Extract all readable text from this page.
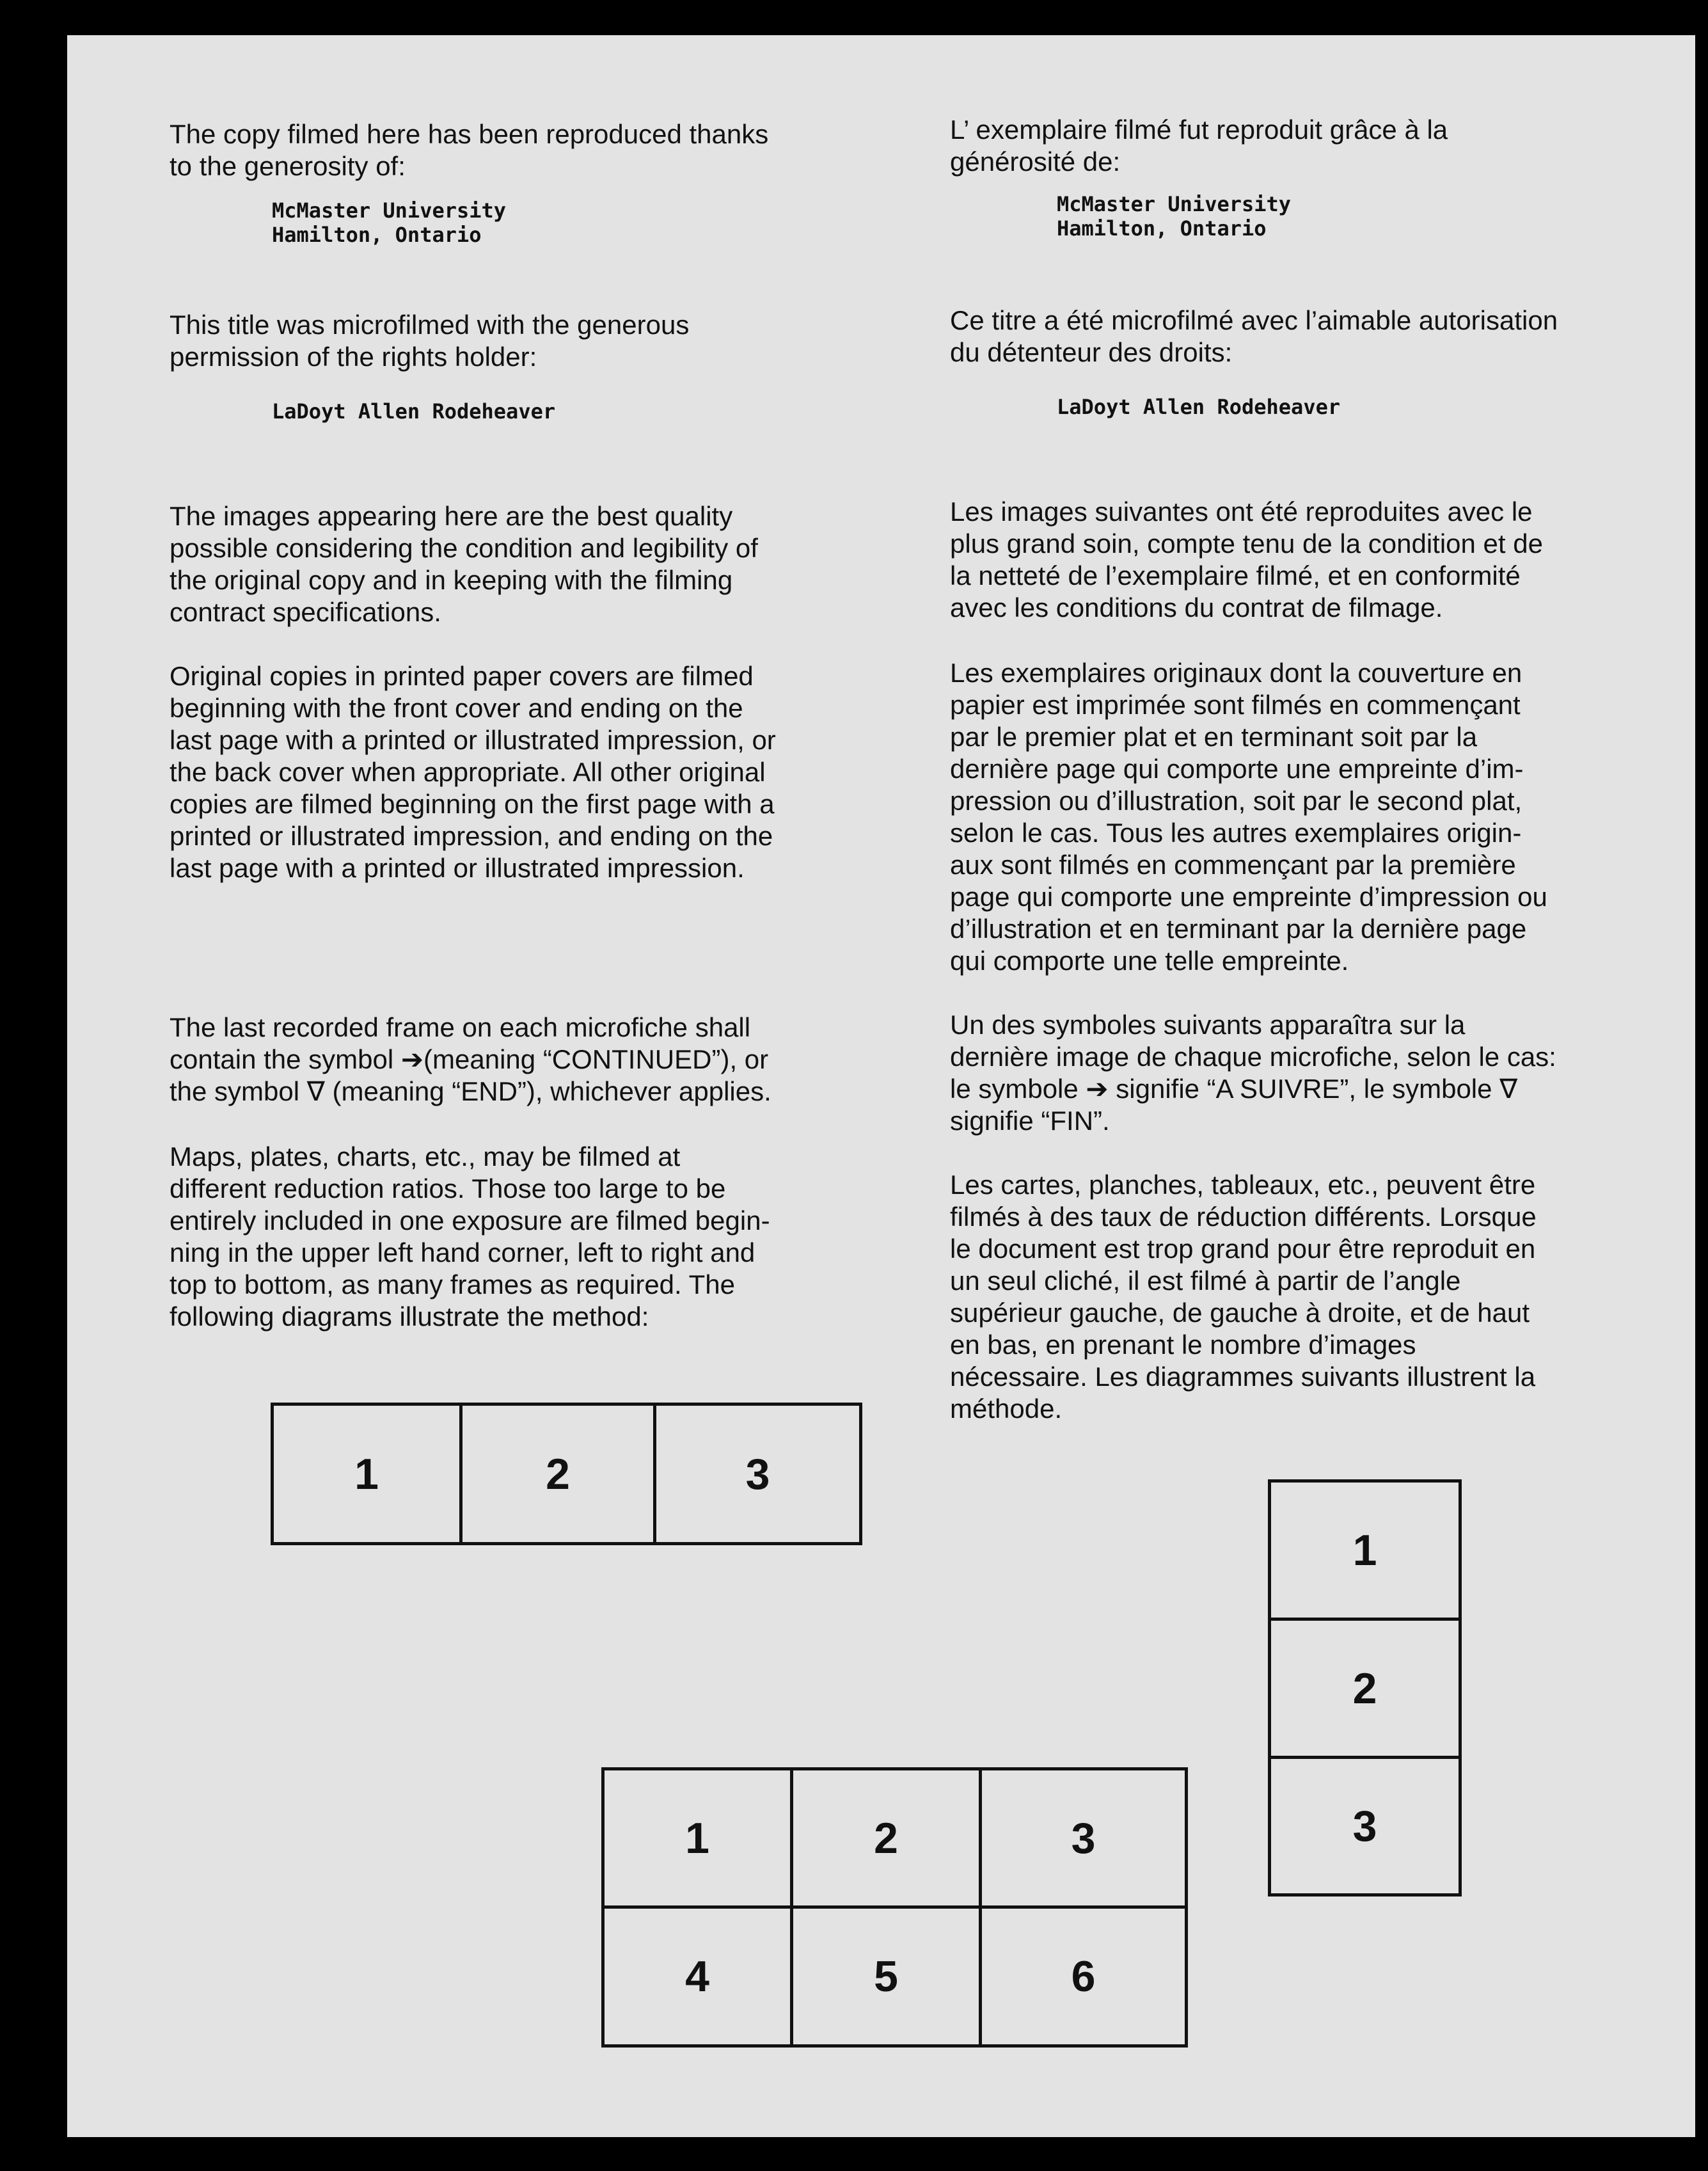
The copy filmed here has been reproduced thanks
to the generosity of:
McMaster University
Hamilton, Ontario
This title was microfilmed with the generous
permission of the rights holder:
LaDoyt Allen Rodeheaver
The images appearing here are the best quality
possible considering the condition and legibility of
the original copy and in keeping with the filming
contract specifications.
Original copies in printed paper covers are filmed
beginning with the front cover and ending on the
last page with a printed or illustrated impression, or
the back cover when appropriate. All other original
copies are filmed beginning on the first page with a
printed or illustrated impression, and ending on the
last page with a printed or illustrated impression.
The last recorded frame on each microfiche shall
contain the symbol ➔(meaning “CONTINUED”), or
the symbol ∇ (meaning “END”), whichever applies.
Maps, plates, charts, etc., may be filmed at
different reduction ratios. Those too large to be
entirely included in one exposure are filmed begin-
ning in the upper left hand corner, left to right and
top to bottom, as many frames as required. The
following diagrams illustrate the method:
L’ exemplaire filmé fut reproduit grâce à la
générosité de:
McMaster University
Hamilton, Ontario
Ce titre a été microfilmé avec l’aimable autorisation
du détenteur des droits:
LaDoyt Allen Rodeheaver
Les images suivantes ont été reproduites avec le
plus grand soin, compte tenu de la condition et de
la netteté de l’exemplaire filmé, et en conformité
avec les conditions du contrat de filmage.
Les exemplaires originaux dont la couverture en
papier est imprimée sont filmés en commençant
par le premier plat et en terminant soit par la
dernière page qui comporte une empreinte d’im-
pression ou d’illustration, soit par le second plat,
selon le cas. Tous les autres exemplaires origin-
aux sont filmés en commençant par la première
page qui comporte une empreinte d’impression ou
d’illustration et en terminant par la dernière page
qui comporte une telle empreinte.
Un des symboles suivants apparaîtra sur la
dernière image de chaque microfiche, selon le cas:
le symbole ➔ signifie “A SUIVRE”, le symbole ∇
signifie “FIN”.
Les cartes, planches, tableaux, etc., peuvent être
filmés à des taux de réduction différents. Lorsque
le document est trop grand pour être reproduit en
un seul cliché, il est filmé à partir de l’angle
supérieur gauche, de gauche à droite, et de haut
en bas, en prenant le nombre d’images
nécessaire. Les diagrammes suivants illustrent la
méthode.
1	2	3
1	2	3
4	5	6
1
2
3
